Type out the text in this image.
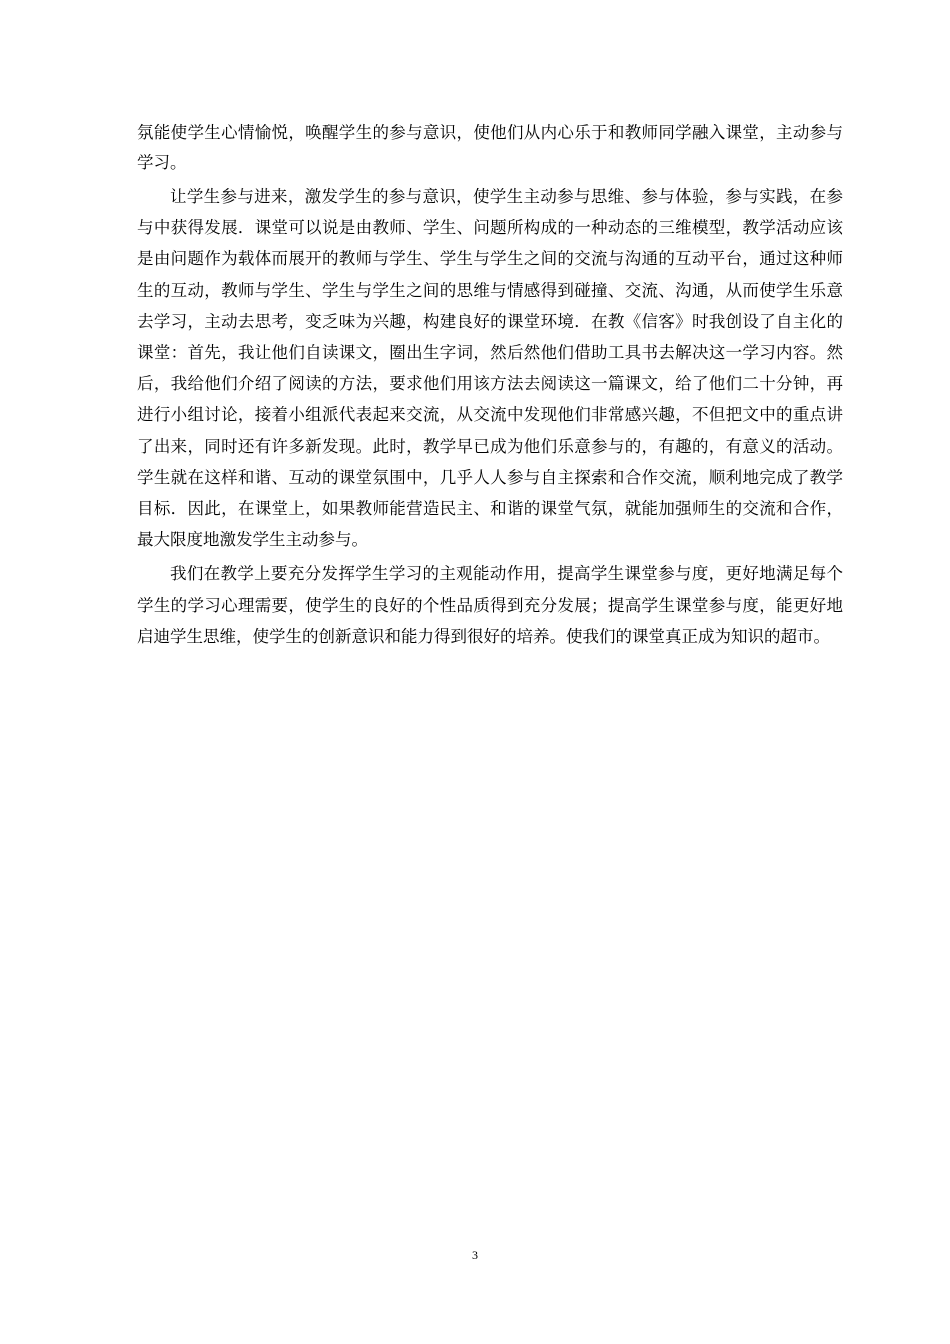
氛能使学生心情愉悦，唤醒学生的参与意识，使他们从内心乐于和教师同学融入课堂，主动参与学习。

让学生参与进来，激发学生的参与意识，使学生主动参与思维、参与体验，参与实践，在参与中获得发展．课堂可以说是由教师、学生、问题所构成的一种动态的三维模型，教学活动应该是由问题作为载体而展开的教师与学生、学生与学生之间的交流与沟通的互动平台，通过这种师生的互动，教师与学生、学生与学生之间的思维与情感得到碰撞、交流、沟通，从而使学生乐意去学习，主动去思考，变乏味为兴趣，构建良好的课堂环境．在教《信客》时我创设了自主化的课堂：首先，我让他们自读课文，圈出生字词，然后然他们借助工具书去解决这一学习内容。然后，我给他们介绍了阅读的方法，要求他们用该方法去阅读这一篇课文，给了他们二十分钟，再进行小组讨论，接着小组派代表起来交流，从交流中发现他们非常感兴趣，不但把文中的重点讲了出来，同时还有许多新发现。此时，教学早已成为他们乐意参与的，有趣的，有意义的活动。学生就在这样和谐、互动的课堂氛围中，几乎人人参与自主探索和合作交流，顺利地完成了教学目标．因此，在课堂上，如果教师能营造民主、和谐的课堂气氛，就能加强师生的交流和合作，最大限度地激发学生主动参与。

我们在教学上要充分发挥学生学习的主观能动作用，提高学生课堂参与度，更好地满足每个学生的学习心理需要，使学生的良好的个性品质得到充分发展；提高学生课堂参与度，能更好地启迪学生思维，使学生的创新意识和能力得到很好的培养。使我们的课堂真正成为知识的超市。

3
